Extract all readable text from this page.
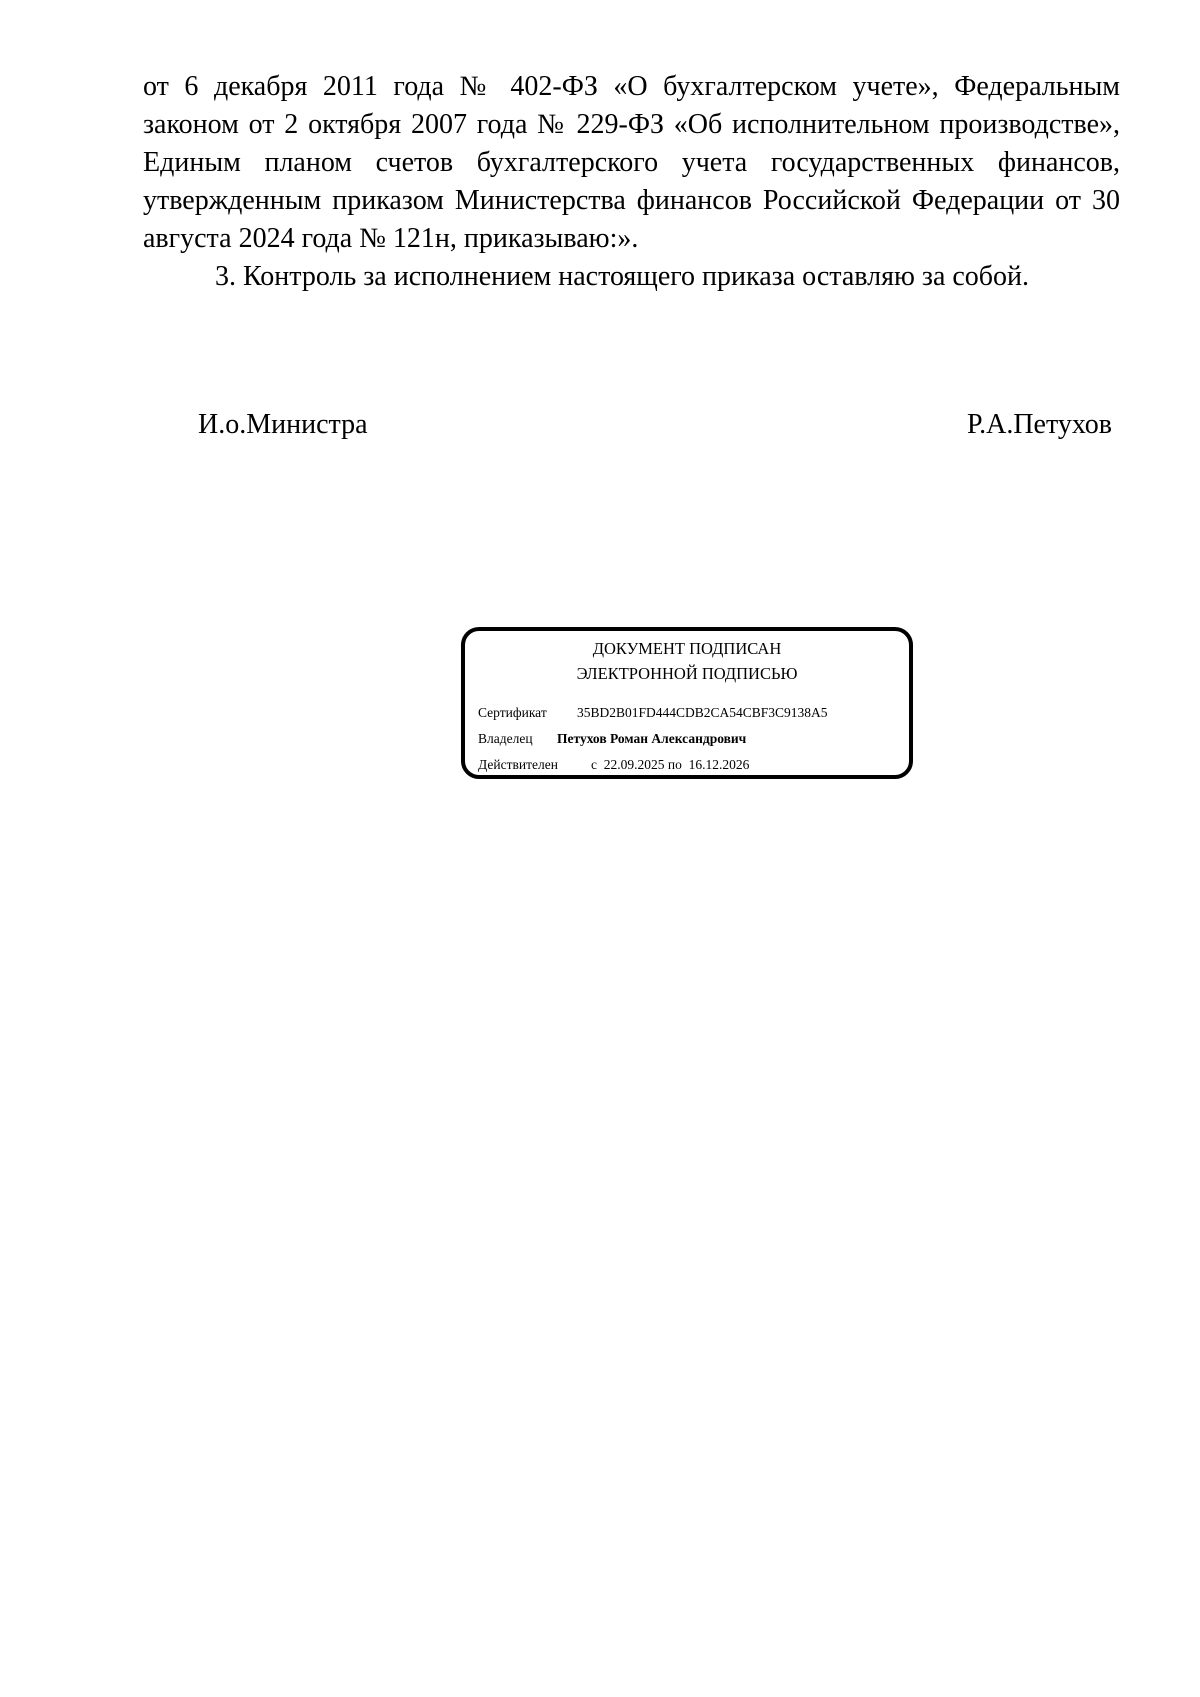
от 6 декабря 2011 года № 402-ФЗ «О бухгалтерском учете», Федеральным законом от 2 октября 2007 года № 229-ФЗ «Об исполнительном производстве», Единым планом счетов бухгалтерского учета государственных финансов, утвержденным приказом Министерства финансов Российской Федерации от 30 августа 2024 года № 121н, приказываю:».

3. Контроль за исполнением настоящего приказа оставляю за собой.

И.о.Министра	Р.А.Петухов
ДОКУМЕНТ ПОДПИСАН
ЭЛЕКТРОННОЙ ПОДПИСЬЮ
Сертификат 35BD2B01FD444CDB2CA54CBF3C9138A5
Владелец Петухов Роман Александрович
Действителен с  22.09.2025 по  16.12.2026
